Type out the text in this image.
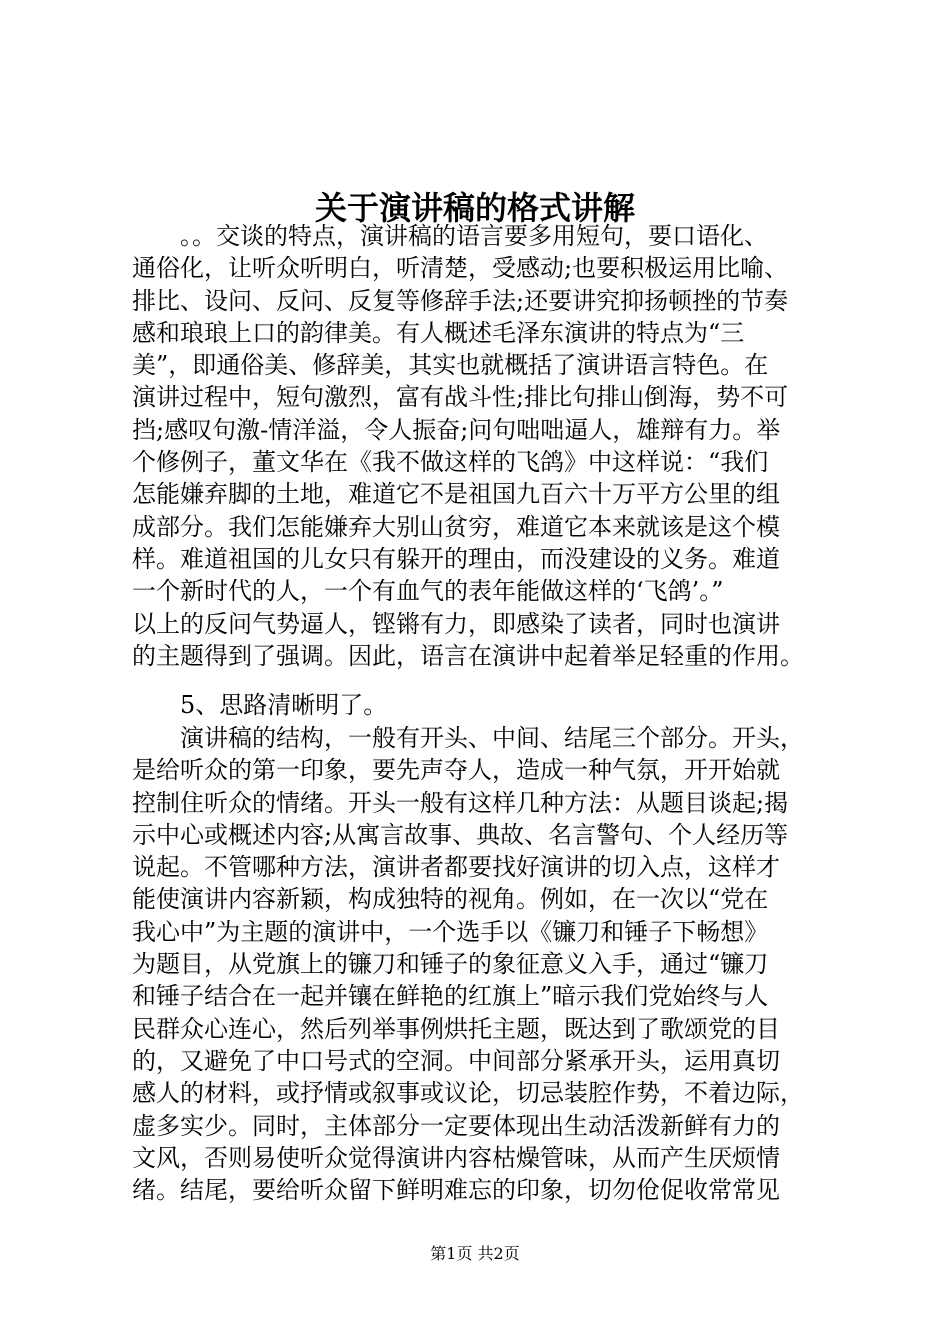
关于演讲稿的格式讲解
　　。。交谈的特点，演讲稿的语言要多用短句，要口语化、
通俗化，让听众听明白，听清楚，受感动;也要积极运用比喻、
排比、设问、反问、反复等修辞手法;还要讲究抑扬顿挫的节奏
感和琅琅上口的韵律美。有人概述毛泽东演讲的特点为“三
美”，即通俗美、修辞美，其实也就概括了演讲语言特色。在
演讲过程中，短句激烈，富有战斗性;排比句排山倒海，势不可
挡;感叹句激-情洋溢，令人振奋;问句咄咄逼人，雄辩有力。举
个修例子，董文华在《我不做这样的飞鸽》中这样说：“我们
怎能嫌弃脚的土地，难道它不是祖国九百六十万平方公里的组
成部分。我们怎能嫌弃大别山贫穷，难道它本来就该是这个模
样。难道祖国的儿女只有躲开的理由，而没建设的义务。难道
一个新时代的人，一个有血气的表年能做这样的‘飞鸽’。”
以上的反问气势逼人，铿锵有力，即感染了读者，同时也演讲
的主题得到了强调。因此，语言在演讲中起着举足轻重的作用。
　　5、思路清晰明了。
　　演讲稿的结构，一般有开头、中间、结尾三个部分。开头，
是给听众的第一印象，要先声夺人，造成一种气氛，开开始就
控制住听众的情绪。开头一般有这样几种方法：从题目谈起;揭
示中心或概述内容;从寓言故事、典故、名言警句、个人经历等
说起。不管哪种方法，演讲者都要找好演讲的切入点，这样才
能使演讲内容新颖，构成独特的视角。例如，在一次以“党在
我心中”为主题的演讲中，一个选手以《镰刀和锤子下畅想》
为题目，从党旗上的镰刀和锤子的象征意义入手，通过“镰刀
和锤子结合在一起并镶在鲜艳的红旗上”暗示我们党始终与人
民群众心连心，然后列举事例烘托主题，既达到了歌颂党的目
的，又避免了中口号式的空洞。中间部分紧承开头，运用真切
感人的材料，或抒情或叙事或议论，切忌装腔作势，不着边际，
虚多实少。同时，主体部分一定要体现出生动活泼新鲜有力的
文风，否则易使听众觉得演讲内容枯燥管味，从而产生厌烦情
绪。结尾，要给听众留下鲜明难忘的印象，切勿伧促收常常见
第1页 共2页
